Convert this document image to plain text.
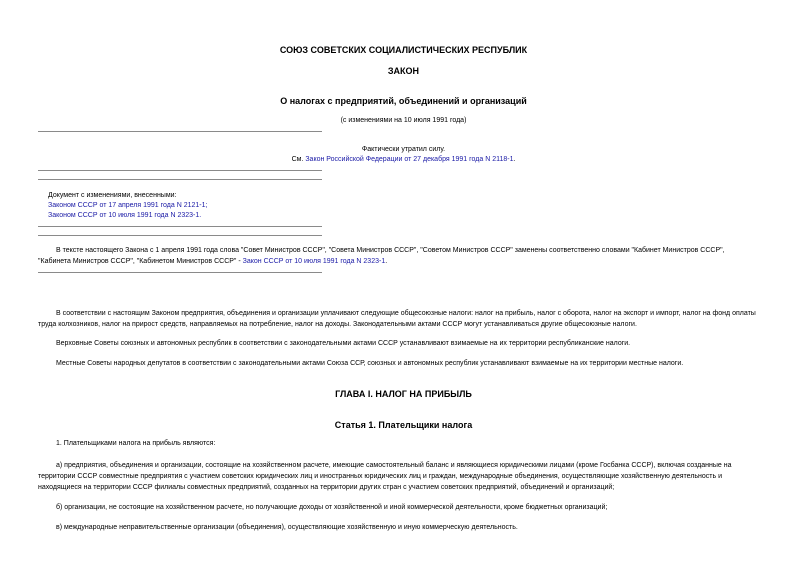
СОЮЗ СОВЕТСКИХ СОЦИАЛИСТИЧЕСКИХ РЕСПУБЛИК
ЗАКОН
О налогах с предприятий, объединений и организаций
(с изменениями на 10 июля 1991 года)
Фактически утратил силу.
См. Закон Российской Федерации от 27 декабря 1991 года N 2118-1.
Документ с изменениями, внесенными:
Законом СССР от 17 апреля 1991 года N 2121-1;
Законом СССР от 10 июля 1991 года N 2323-1.
В тексте настоящего Закона с 1 апреля 1991 года слова "Совет Министров СССР", "Совета Министров СССР", "Советом Министров СССР" заменены соответственно словами "Кабинет Министров СССР",
"Кабинета Министров СССР", "Кабинетом Министров СССР" - Закон СССР от 10 июля 1991 года N 2323-1.
В соответствии с настоящим Законом предприятия, объединения и организации уплачивают следующие общесоюзные налоги: налог на прибыль, налог с оборота, налог на экспорт и импорт, налог на фонд оплаты
труда колхозников, налог на прирост средств, направляемых на потребление, налог на доходы. Законодательными актами СССР могут устанавливаться другие общесоюзные налоги.
Верховные Советы союзных и автономных республик в соответствии с законодательными актами СССР устанавливают взимаемые на их территории республиканские налоги.
Местные Советы народных депутатов в соответствии с законодательными актами Союза ССР, союзных и автономных республик устанавливают взимаемые на их территории местные налоги.
ГЛАВА I. НАЛОГ НА ПРИБЫЛЬ
Статья 1. Плательщики налога
1. Плательщиками налога на прибыль являются:
а) предприятия, объединения и организации, состоящие на хозяйственном расчете, имеющие самостоятельный баланс и являющиеся юридическими лицами (кроме Госбанка СССР), включая созданные на
территории СССР совместные предприятия с участием советских юридических лиц и иностранных юридических лиц и граждан, международные объединения, осуществляющие хозяйственную деятельность и
находящиеся на территории СССР филиалы совместных предприятий, созданных на территории других стран с участием советских предприятий, объединений и организаций;
б) организации, не состоящие на хозяйственном расчете, но получающие доходы от хозяйственной и иной коммерческой деятельности, кроме бюджетных организаций;
в) международные неправительственные организации (объединения), осуществляющие хозяйственную и иную коммерческую деятельность.
